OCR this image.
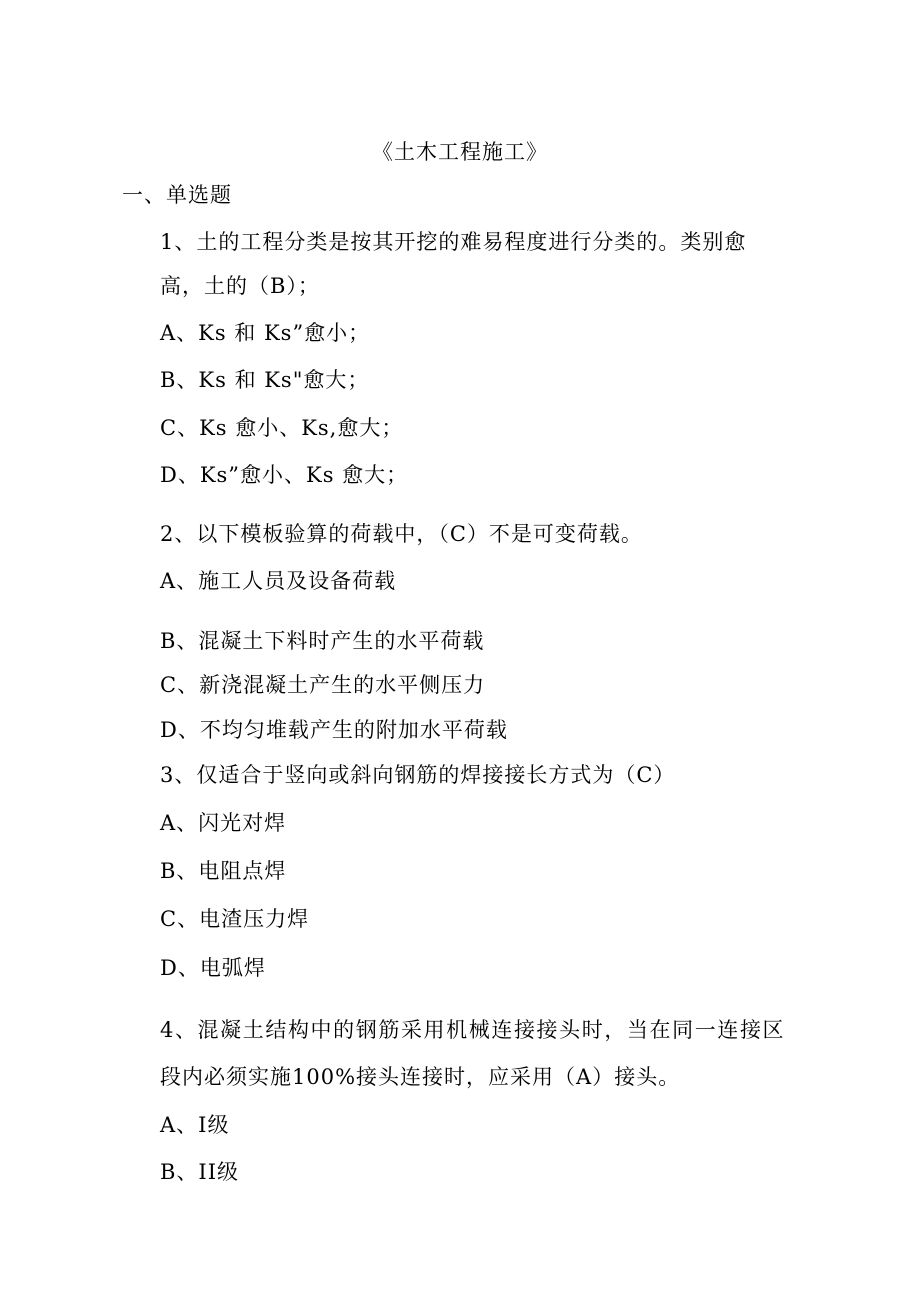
《土木工程施工》
一、单选题
1、土的工程分类是按其开挖的难易程度进行分类的。类别愈
高，土的（B）；
A、Ks 和 Ks”愈小；
B、Ks 和 Ks"愈大；
C、Ks 愈小、Ks,愈大；
D、Ks”愈小、Ks 愈大；
2、以下模板验算的荷载中，（C）不是可变荷载。
A、施工人员及设备荷载
B、混凝土下料时产生的水平荷载
C、新浇混凝土产生的水平侧压力
D、不均匀堆载产生的附加水平荷载
3、仅适合于竖向或斜向钢筋的焊接接长方式为（C）
A、闪光对焊
B、电阻点焊
C、电渣压力焊
D、电弧焊
4、混凝土结构中的钢筋采用机械连接接头时，当在同一连接区
段内必须实施100%接头连接时，应采用（A）接头。
A、I级
B、II级
